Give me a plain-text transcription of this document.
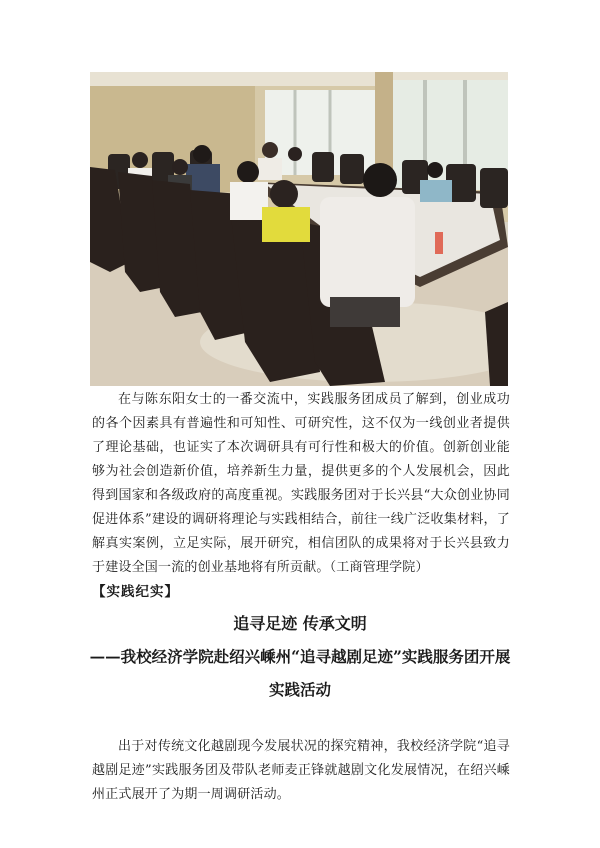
在与陈东阳女士的一番交流中，实践服务团成员了解到，创业成功的各个因素具有普遍性和可知性、可研究性，这不仅为一线创业者提供了理论基础，也证实了本次调研具有可行性和极大的价值。创新创业能够为社会创造新价值，培养新生力量，提供更多的个人发展机会，因此得到国家和各级政府的高度重视。实践服务团对于长兴县“大众创业协同促进体系”建设的调研将理论与实践相结合，前往一线广泛收集材料，了解真实案例，立足实际，展开研究，相信团队的成果将对于长兴县致力于建设全国一流的创业基地将有所贡献。（工商管理学院）

【实践纪实】
追寻足迹 传承文明
——我校经济学院赴绍兴嵊州“追寻越剧足迹”实践服务团开展
实践活动

出于对传统文化越剧现今发展状况的探究精神，我校经济学院“追寻越剧足迹”实践服务团及带队老师麦正锋就越剧文化发展情况，在绍兴嵊州正式展开了为期一周调研活动。
